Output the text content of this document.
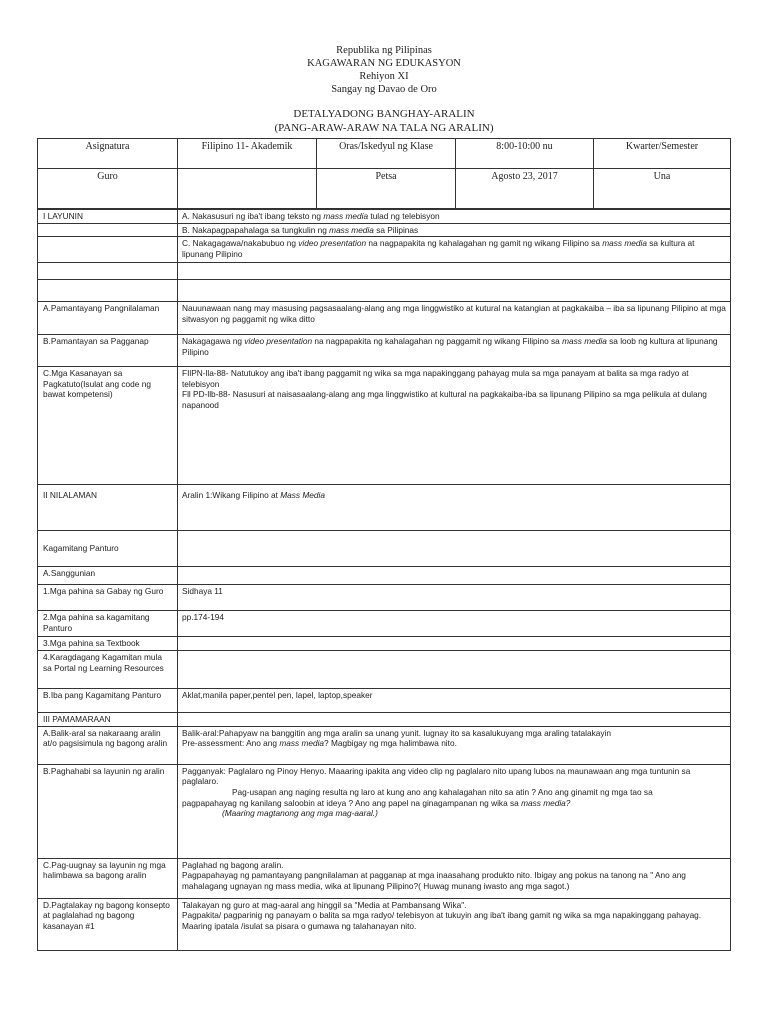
Republika ng Pilipinas
KAGAWARAN NG EDUKASYON
Rehiyon XI
Sangay ng Davao de Oro
DETALYADONG BANGHAY-ARALIN
(PANG-ARAW-ARAW NA TALA NG ARALIN)
Asignatura	Filipino 11- Akademik	Oras/Iskedyul ng Klase	8:00-10:00 nu	Kwarter/Semester
Guro		Petsa	Agosto 23, 2017	Una
I LAYUNIN	A. Nakasusuri ng iba't ibang teksto ng mass media tulad ng telebisyon
	B. Nakapagpapahalaga sa tungkulin ng mass media sa Pilipinas
	C. Nakagagawa/nakabubuo ng video presentation na nagpapakita ng kahalagahan ng gamit ng wikang Filipino sa mass media sa kultura at lipunang Pilipino

A.Pamantayang Pangnilalaman	Nauunawaan nang may masusing pagsasaalang-alang ang mga linggwistiko at kutural na katangian at pagkakaiba – iba sa lipunang Pilipino at mga sitwasyon ng paggamit ng wika ditto
B.Pamantayan sa Pagganap	Nakagagawa ng video presentation na nagpapakita ng kahalagahan ng paggamit ng wikang Filipino sa mass media sa loob ng kultura at lipunang Pilipino
C.Mga Kasanayan sa Pagkatuto(Isulat ang code ng bawat kompetensi)	FIlPN-lla-88- Natutukoy ang iba't ibang paggamit ng wika sa mga napakinggang pahayag mula sa mga panayam at balita sa mga radyo at telebisyon
Fll PD-llb-88- Nasusuri at naisasaalang-alang ang mga linggwistiko at kultural na pagkakaiba-iba sa lipunang Pilipino sa mga pelikula at dulang napanood

II NILALAMAN	Aralin 1:Wikang Filipino at Mass Media
Kagamitang Panturo	
A.Sanggunian	
1.Mga pahina sa Gabay ng Guro	Sidhaya 11
2.Mga pahina sa kagamitang Panturo	pp.174-194
3.Mga pahina sa Textbook	
4.Karagdagang Kagamitan mula sa Portal ng Learning Resources	
B.Iba pang Kagamitang Panturo	Aklat,manila paper,pentel pen, lapel, laptop,speaker
III PAMAMARAAN	
A.Balik-aral sa nakaraang aralin at/o pagsisimula ng bagong aralin	Balik-aral:Pahapyaw na banggitin ang mga aralin sa unang yunit. Iugnay ito sa kasalukuyang mga araling tatalakayin
Pre-assessment: Ano ang mass media? Magbigay ng mga halimbawa nito.

B.Paghahabi sa layunin ng aralin	Pagganyak: Paglalaro ng Pinoy Henyo. Maaaring ipakita ang video clip ng paglalaro nito upang lubos na maunawaan ang mga tuntunin sa paglalaro.
Pag-usapan ang naging resulta ng laro at kung ano ang kahalagahan nito sa atin ? Ano ang ginamit ng mga tao sa
pagpapahayag ng kanilang saloobin at ideya ? Ano ang papel na ginagampanan ng wika sa mass media?
(Maaring magtanong ang mga mag-aaral.)

C.Pag-uugnay sa layunin ng mga halimbawa sa bagong aralin	Paglahad ng bagong aralin.
Pagpapahayag ng pamantayang pangnilalaman at pagganap at mga inaasahang produkto nito. Ibigay ang pokus na tanong na " Ano ang mahalagang ugnayan ng mass media, wika at lipunang Pilipino?( Huwag munang iwasto ang mga sagot.)

D.Pagtalakay ng bagong konsepto at paglalahad ng bagong kasanayan #1	Talakayan ng guro at mag-aaral ang hinggil sa "Media at Pambansang Wika".
Pagpakita/ pagparinig ng panayam o balita sa mga radyo/ telebisyon at tukuyin ang iba't ibang gamit ng wika sa mga napakinggang pahayag.
Maaring ipatala /isulat sa pisara o gumawa ng talahanayan nito.
